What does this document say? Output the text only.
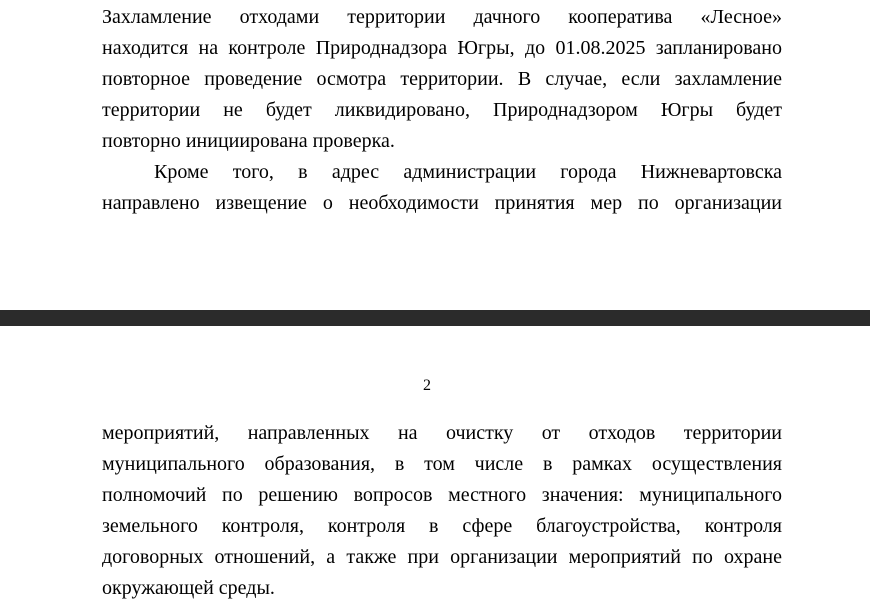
Захламление отходами территории дачного кооператива «Лесное»
находится на контроле Природнадзора Югры, до 01.08.2025 запланировано
повторное проведение осмотра территории. В случае, если захламление
территории не будет ликвидировано, Природнадзором Югры будет
повторно инициирована проверка.

Кроме того, в адрес администрации города Нижневартовска
направлено извещение о необходимости принятия мер по организации

2

мероприятий, направленных на очистку от отходов территории
муниципального образования, в том числе в рамках осуществления
полномочий по решению вопросов местного значения: муниципального
земельного контроля, контроля в сфере благоустройства, контроля
договорных отношений, а также при организации мероприятий по охране
окружающей среды.
